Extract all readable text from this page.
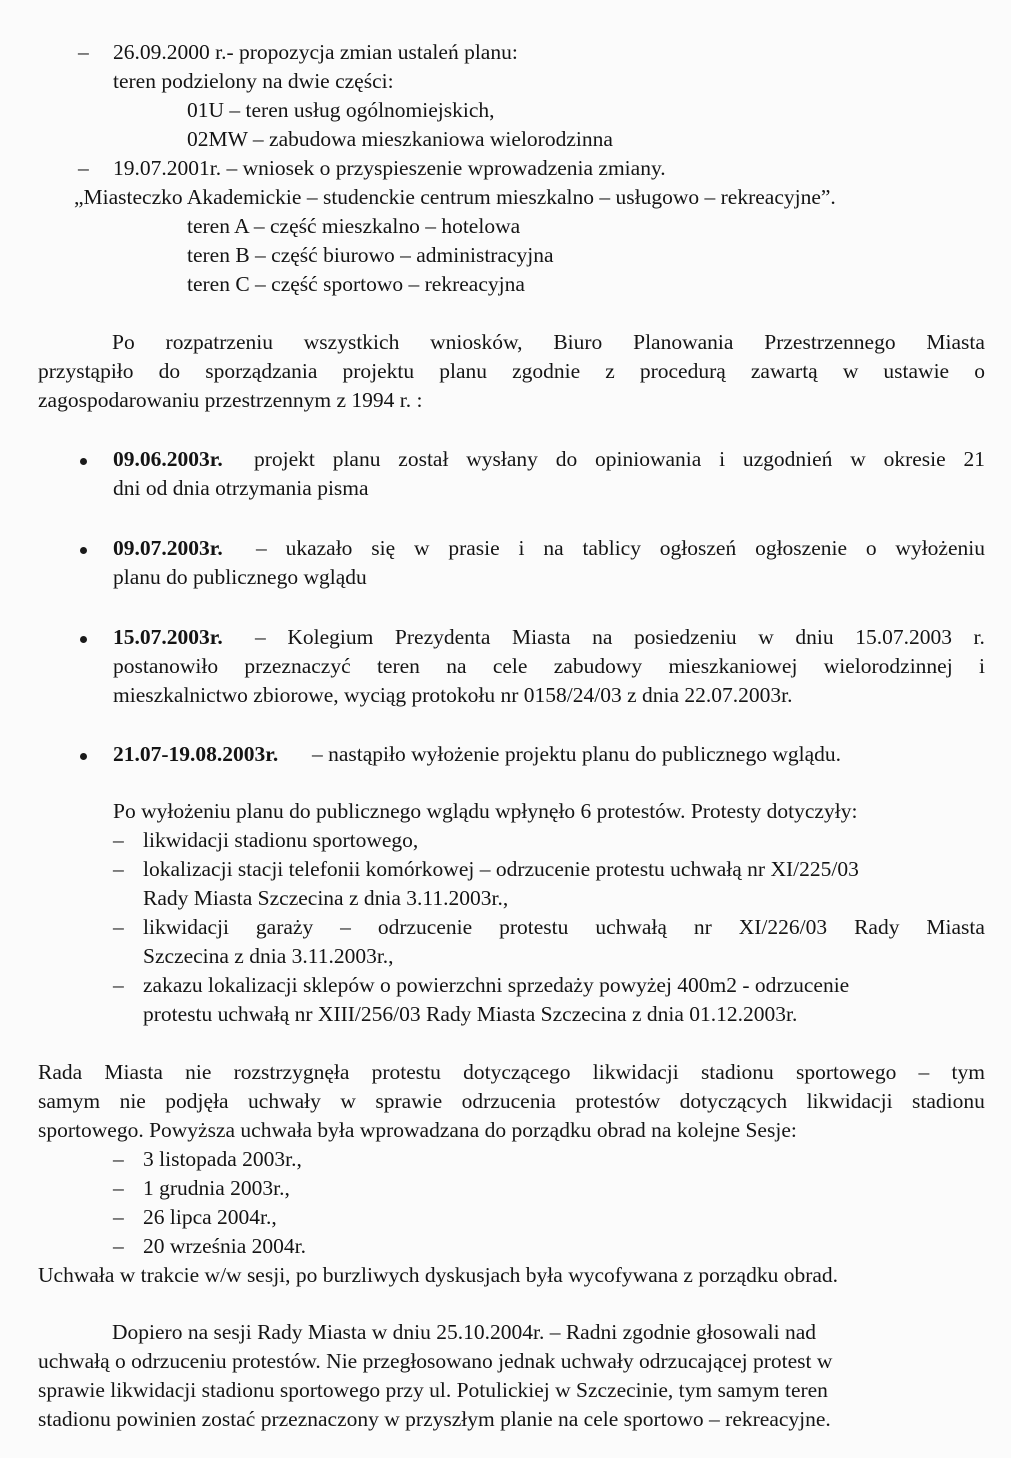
– 26.09.2000 r.- propozycja zmian ustaleń planu:
teren podzielony na dwie części:
01U – teren usług ogólnomiejskich,
02MW – zabudowa mieszkaniowa wielorodzinna
– 19.07.2001r. – wniosek o przyspieszenie wprowadzenia zmiany.
„Miasteczko Akademickie – studenckie centrum mieszkalno – usługowo – rekreacyjne”.
teren A – część mieszkalno – hotelowa
teren B – część biurowo – administracyjna
teren C – część sportowo – rekreacyjna
Po rozpatrzeniu wszystkich wniosków, Biuro Planowania Przestrzennego Miasta
przystąpiło do sporządzania projektu planu zgodnie z procedurą zawartą w ustawie o
zagospodarowaniu przestrzennym z 1994 r. :
09.06.2003r. projekt planu został wysłany do opiniowania i uzgodnień w okresie 21
dni od dnia otrzymania pisma
09.07.2003r. – ukazało się w prasie i na tablicy ogłoszeń ogłoszenie o wyłożeniu
planu do publicznego wglądu
15.07.2003r. – Kolegium Prezydenta Miasta na posiedzeniu w dniu 15.07.2003 r.
postanowiło przeznaczyć teren na cele zabudowy mieszkaniowej wielorodzinnej i
mieszkalnictwo zbiorowe, wyciąg protokołu nr 0158/24/03 z dnia 22.07.2003r.
21.07-19.08.2003r. – nastąpiło wyłożenie projektu planu do publicznego wglądu.
Po wyłożeniu planu do publicznego wglądu wpłynęło 6 protestów. Protesty dotyczyły:
– likwidacji stadionu sportowego,
– lokalizacji stacji telefonii komórkowej – odrzucenie protestu uchwałą nr XI/225/03
Rady Miasta Szczecina z dnia 3.11.2003r.,
– likwidacji garaży – odrzucenie protestu uchwałą nr XI/226/03 Rady Miasta
Szczecina z dnia 3.11.2003r.,
– zakazu lokalizacji sklepów o powierzchni sprzedaży powyżej 400m2 - odrzucenie
protestu uchwałą nr XIII/256/03 Rady Miasta Szczecina z dnia 01.12.2003r.
Rada Miasta nie rozstrzygnęła protestu dotyczącego likwidacji stadionu sportowego – tym
samym nie podjęła uchwały w sprawie odrzucenia protestów dotyczących likwidacji stadionu
sportowego. Powyższa uchwała była wprowadzana do porządku obrad na kolejne Sesje:
– 3 listopada 2003r.,
– 1 grudnia 2003r.,
– 26 lipca 2004r.,
– 20 września 2004r.
Uchwała w trakcie w/w sesji, po burzliwych dyskusjach była wycofywana z porządku obrad.
Dopiero na sesji Rady Miasta w dniu 25.10.2004r. – Radni zgodnie głosowali nad
uchwałą o odrzuceniu protestów. Nie przegłosowano jednak uchwały odrzucającej protest w
sprawie likwidacji stadionu sportowego przy ul. Potulickiej w Szczecinie, tym samym teren
stadionu powinien zostać przeznaczony w przyszłym planie na cele sportowo – rekreacyjne.
